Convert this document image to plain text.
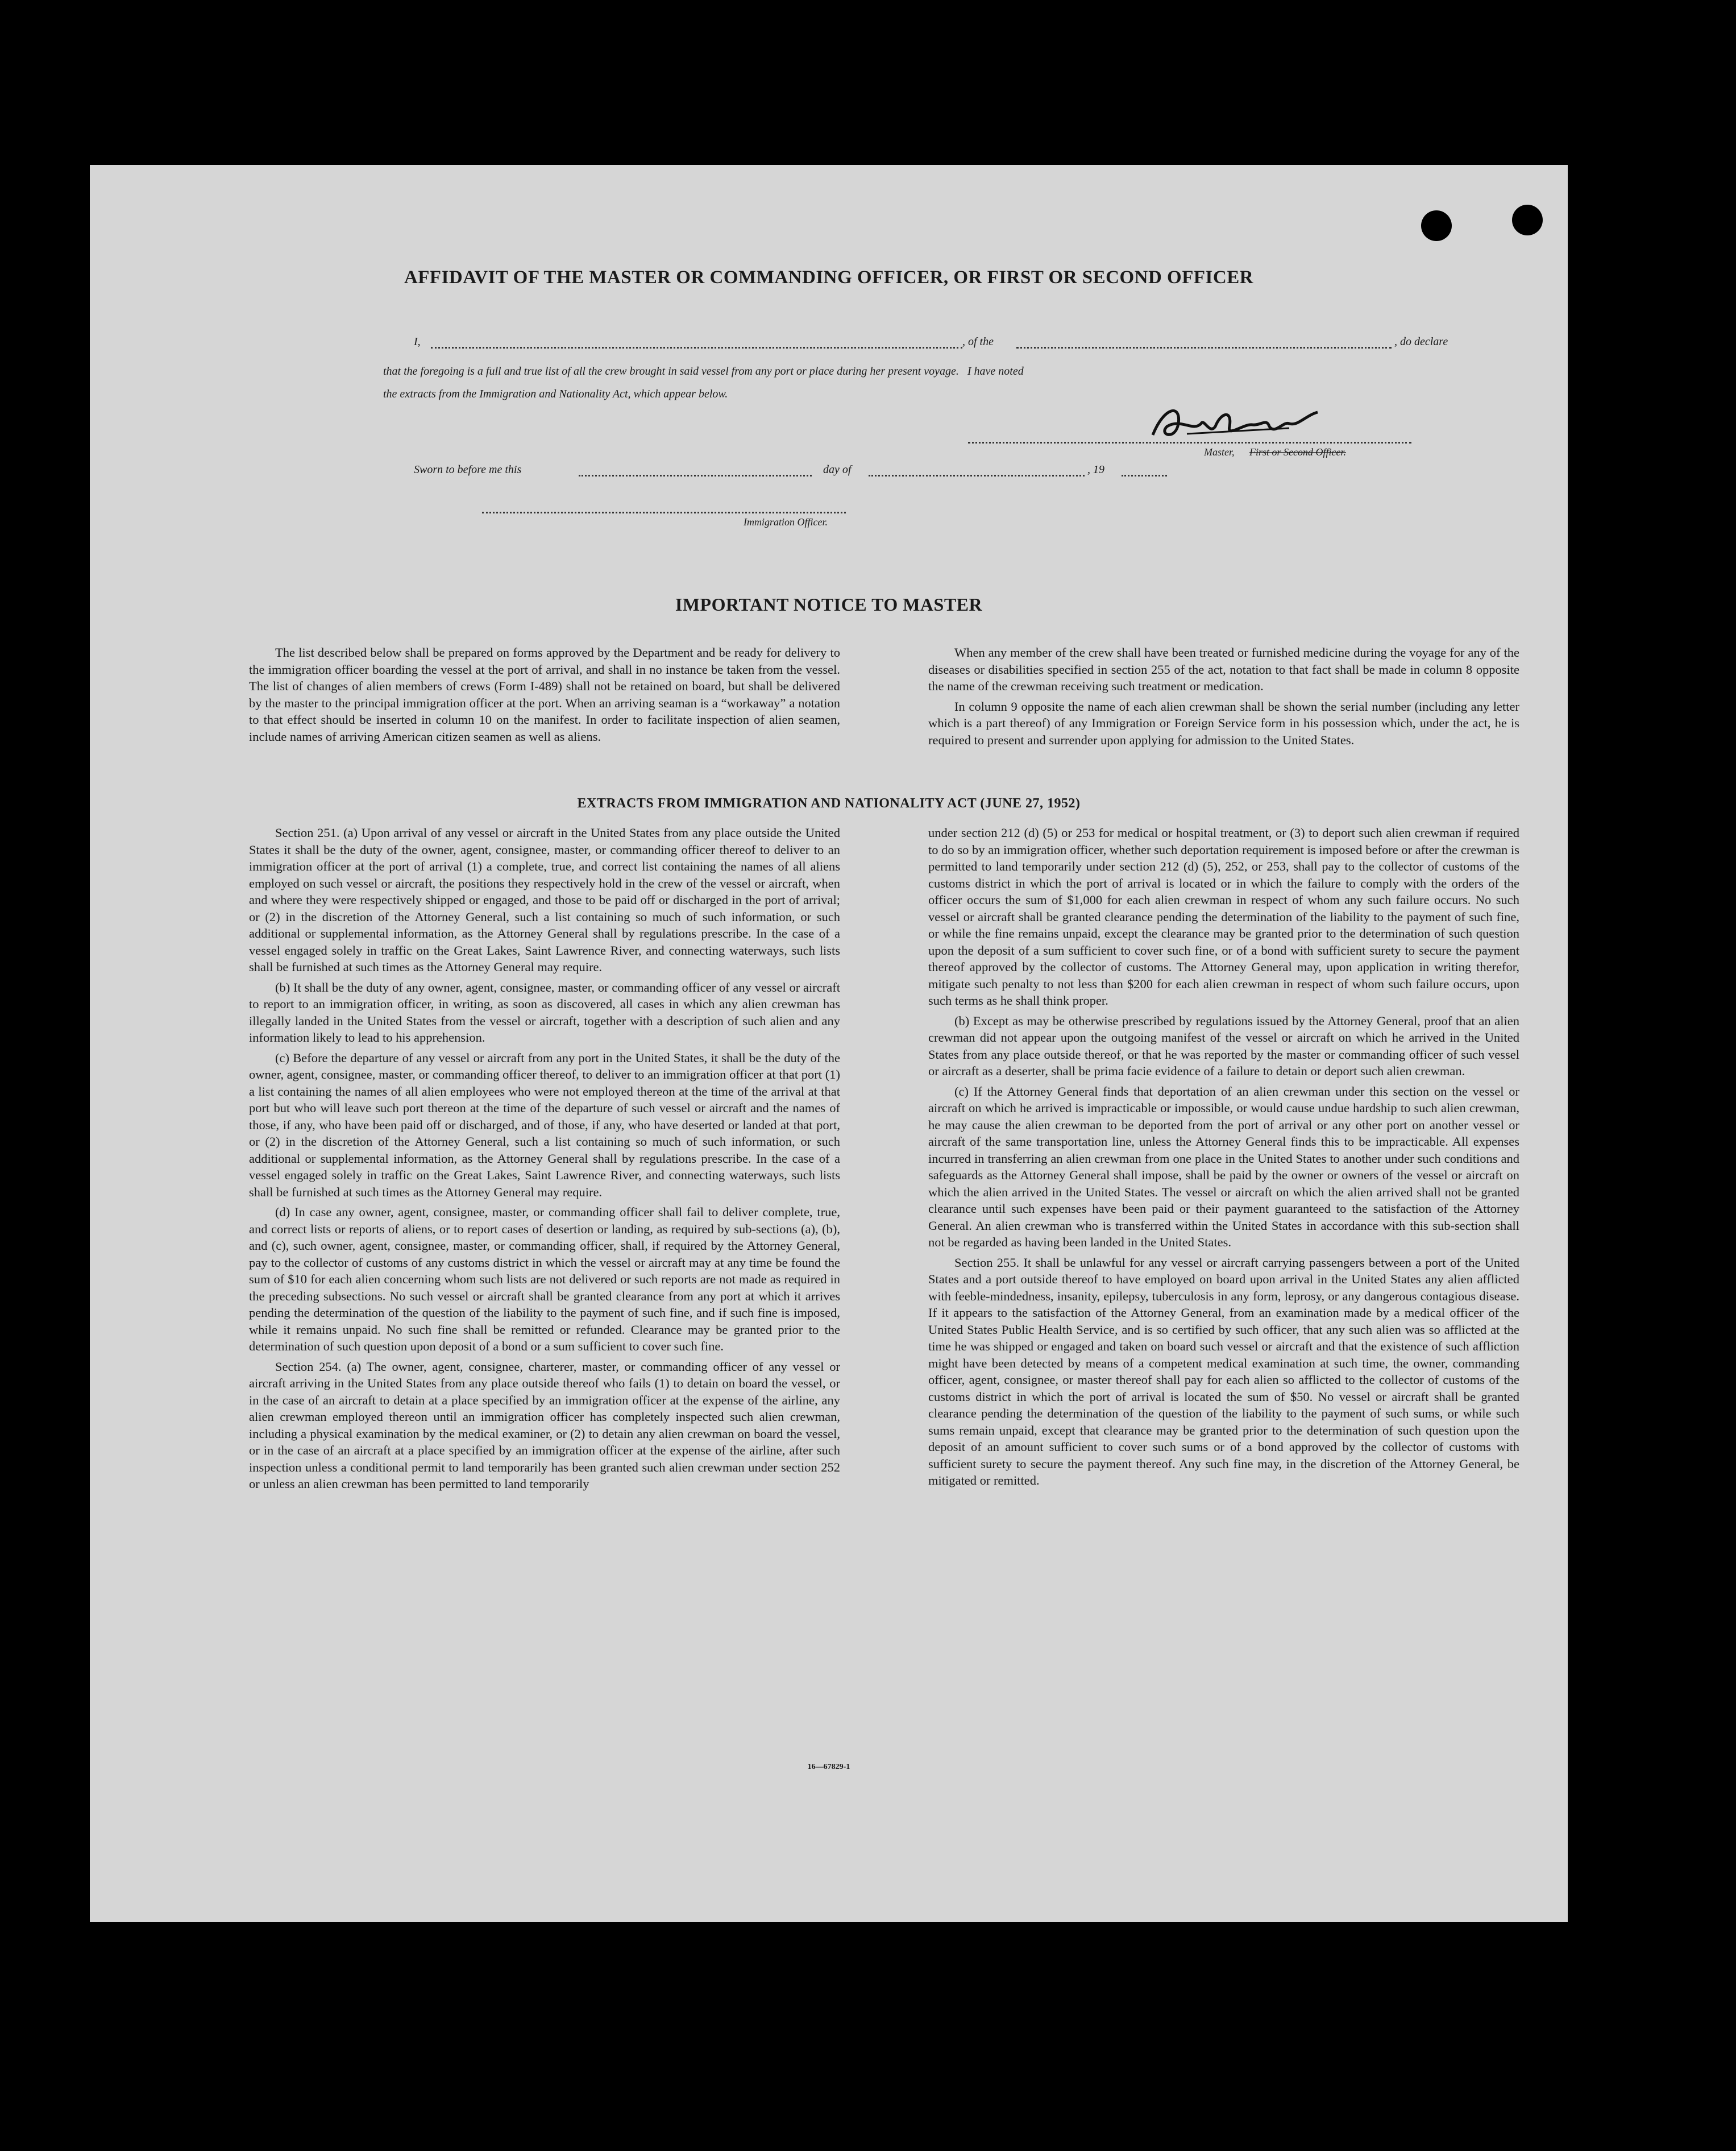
AFFIDAVIT OF THE MASTER OR COMMANDING OFFICER, OR FIRST OR SECOND OFFICER
I,	, of the	, do declare

that the foregoing is a full and true list of all the crew brought in said vessel from any port or place during her present voyage.   I have noted

the extracts from the Immigration and Nationality Act, which appear below.

Master, First or Second Officer.
Sworn to before me this	day of	, 19
Immigration Officer.
IMPORTANT NOTICE TO MASTER

The list described below shall be prepared on forms approved by the Department and be ready for delivery to the immigration officer boarding the vessel at the port of arrival, and shall in no instance be taken from the vessel. The list of changes of alien members of crews (Form I-489) shall not be retained on board, but shall be delivered by the master to the principal immigration officer at the port. When an arriving seaman is a “workaway” a notation to that effect should be inserted in column 10 on the manifest. In order to facilitate inspection of alien seamen, include names of arriving American citizen seamen as well as aliens.

When any member of the crew shall have been treated or furnished medicine during the voyage for any of the diseases or disabilities specified in section 255 of the act, notation to that fact shall be made in column 8 opposite the name of the crewman receiving such treatment or medication.

In column 9 opposite the name of each alien crewman shall be shown the serial number (including any letter which is a part thereof) of any Immigration or Foreign Service form in his possession which, under the act, he is required to present and surrender upon applying for admission to the United States.

EXTRACTS FROM IMMIGRATION AND NATIONALITY ACT (JUNE 27, 1952)

Section 251. (a) Upon arrival of any vessel or aircraft in the United States from any place outside the United States it shall be the duty of the owner, agent, consignee, master, or commanding officer thereof to deliver to an immigration officer at the port of arrival (1) a complete, true, and correct list containing the names of all aliens employed on such vessel or aircraft, the positions they respectively hold in the crew of the vessel or aircraft, when and where they were respectively shipped or engaged, and those to be paid off or discharged in the port of arrival; or (2) in the discretion of the Attorney General, such a list containing so much of such information, or such additional or supplemental information, as the Attorney General shall by regulations prescribe. In the case of a vessel engaged solely in traffic on the Great Lakes, Saint Lawrence River, and connecting waterways, such lists shall be furnished at such times as the Attorney General may require.

(b) It shall be the duty of any owner, agent, consignee, master, or commanding officer of any vessel or aircraft to report to an immigration officer, in writing, as soon as discovered, all cases in which any alien crewman has illegally landed in the United States from the vessel or aircraft, together with a description of such alien and any information likely to lead to his apprehension.

(c) Before the departure of any vessel or aircraft from any port in the United States, it shall be the duty of the owner, agent, consignee, master, or commanding officer thereof, to deliver to an immigration officer at that port (1) a list containing the names of all alien employees who were not employed thereon at the time of the arrival at that port but who will leave such port thereon at the time of the departure of such vessel or aircraft and the names of those, if any, who have been paid off or discharged, and of those, if any, who have deserted or landed at that port, or (2) in the discretion of the Attorney General, such a list containing so much of such information, or such additional or supplemental information, as the Attorney General shall by regulations prescribe. In the case of a vessel engaged solely in traffic on the Great Lakes, Saint Lawrence River, and connecting waterways, such lists shall be furnished at such times as the Attorney General may require.

(d) In case any owner, agent, consignee, master, or commanding officer shall fail to deliver complete, true, and correct lists or reports of aliens, or to report cases of desertion or landing, as required by sub-sections (a), (b), and (c), such owner, agent, consignee, master, or commanding officer, shall, if required by the Attorney General, pay to the collector of customs of any customs district in which the vessel or aircraft may at any time be found the sum of $10 for each alien concerning whom such lists are not delivered or such reports are not made as required in the preceding subsections. No such vessel or aircraft shall be granted clearance from any port at which it arrives pending the determination of the question of the liability to the payment of such fine, and if such fine is imposed, while it remains unpaid. No such fine shall be remitted or refunded. Clearance may be granted prior to the determination of such question upon deposit of a bond or a sum sufficient to cover such fine.

Section 254. (a) The owner, agent, consignee, charterer, master, or commanding officer of any vessel or aircraft arriving in the United States from any place outside thereof who fails (1) to detain on board the vessel, or in the case of an aircraft to detain at a place specified by an immigration officer at the expense of the airline, any alien crewman employed thereon until an immigration officer has completely inspected such alien crewman, including a physical examination by the medical examiner, or (2) to detain any alien crewman on board the vessel, or in the case of an aircraft at a place specified by an immigration officer at the expense of the airline, after such inspection unless a conditional permit to land temporarily has been granted such alien crewman under section 252 or unless an alien crewman has been permitted to land temporarily

under section 212 (d) (5) or 253 for medical or hospital treatment, or (3) to deport such alien crewman if required to do so by an immigration officer, whether such deportation requirement is imposed before or after the crewman is permitted to land temporarily under section 212 (d) (5), 252, or 253, shall pay to the collector of customs of the customs district in which the port of arrival is located or in which the failure to comply with the orders of the officer occurs the sum of $1,000 for each alien crewman in respect of whom any such failure occurs. No such vessel or aircraft shall be granted clearance pending the determination of the liability to the payment of such fine, or while the fine remains unpaid, except the clearance may be granted prior to the determination of such question upon the deposit of a sum sufficient to cover such fine, or of a bond with sufficient surety to secure the payment thereof approved by the collector of customs. The Attorney General may, upon application in writing therefor, mitigate such penalty to not less than $200 for each alien crewman in respect of whom such failure occurs, upon such terms as he shall think proper.

(b) Except as may be otherwise prescribed by regulations issued by the Attorney General, proof that an alien crewman did not appear upon the outgoing manifest of the vessel or aircraft on which he arrived in the United States from any place outside thereof, or that he was reported by the master or commanding officer of such vessel or aircraft as a deserter, shall be prima facie evidence of a failure to detain or deport such alien crewman.

(c) If the Attorney General finds that deportation of an alien crewman under this section on the vessel or aircraft on which he arrived is impracticable or impossible, or would cause undue hardship to such alien crewman, he may cause the alien crewman to be deported from the port of arrival or any other port on another vessel or aircraft of the same transportation line, unless the Attorney General finds this to be impracticable. All expenses incurred in transferring an alien crewman from one place in the United States to another under such conditions and safeguards as the Attorney General shall impose, shall be paid by the owner or owners of the vessel or aircraft on which the alien arrived in the United States. The vessel or aircraft on which the alien arrived shall not be granted clearance until such expenses have been paid or their payment guaranteed to the satisfaction of the Attorney General. An alien crewman who is transferred within the United States in accordance with this sub-section shall not be regarded as having been landed in the United States.

Section 255. It shall be unlawful for any vessel or aircraft carrying passengers between a port of the United States and a port outside thereof to have employed on board upon arrival in the United States any alien afflicted with feeble-mindedness, insanity, epilepsy, tuberculosis in any form, leprosy, or any dangerous contagious disease. If it appears to the satisfaction of the Attorney General, from an examination made by a medical officer of the United States Public Health Service, and is so certified by such officer, that any such alien was so afflicted at the time he was shipped or engaged and taken on board such vessel or aircraft and that the existence of such affliction might have been detected by means of a competent medical examination at such time, the owner, commanding officer, agent, consignee, or master thereof shall pay for each alien so afflicted to the collector of customs of the customs district in which the port of arrival is located the sum of $50. No vessel or aircraft shall be granted clearance pending the determination of the question of the liability to the payment of such sums, or while such sums remain unpaid, except that clearance may be granted prior to the determination of such question upon the deposit of an amount sufficient to cover such sums or of a bond approved by the collector of customs with sufficient surety to secure the payment thereof. Any such fine may, in the discretion of the Attorney General, be mitigated or remitted.

16—67829-1
